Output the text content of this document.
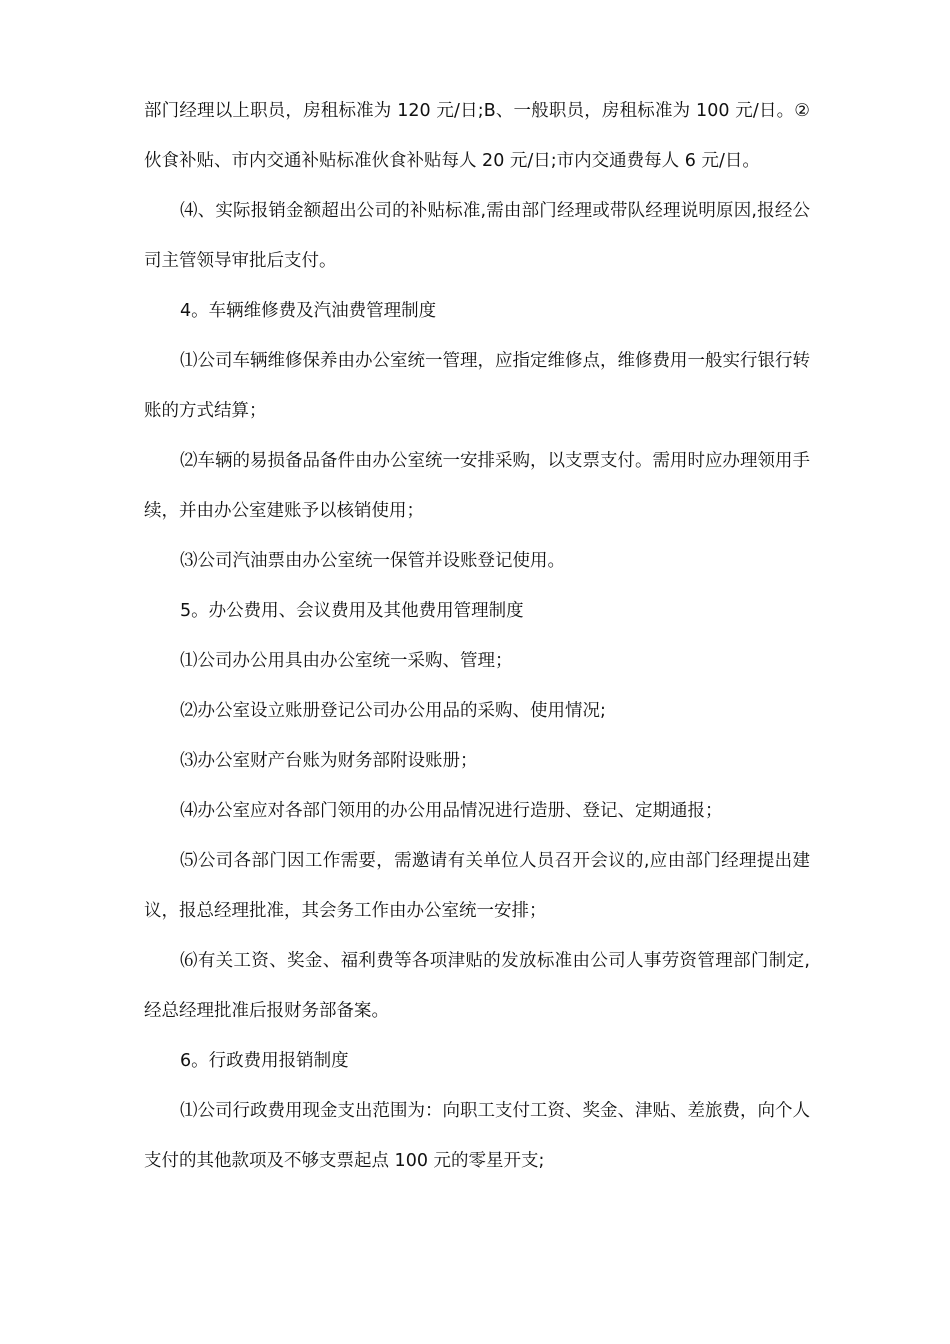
部门经理以上职员，房租标准为 120 元/日;B、一般职员，房租标准为 100 元/日。②伙食补贴、市内交通补贴标准伙食补贴每人 20 元/日;市内交通费每人 6 元/日。

⑷、实际报销金额超出公司的补贴标准,需由部门经理或带队经理说明原因,报经公司主管领导审批后支付。

4。车辆维修费及汽油费管理制度

⑴公司车辆维修保养由办公室统一管理，应指定维修点，维修费用一般实行银行转账的方式结算；

⑵车辆的易损备品备件由办公室统一安排采购，以支票支付。需用时应办理领用手续，并由办公室建账予以核销使用；

⑶公司汽油票由办公室统一保管并设账登记使用。

5。办公费用、会议费用及其他费用管理制度

⑴公司办公用具由办公室统一采购、管理；

⑵办公室设立账册登记公司办公用品的采购、使用情况;

⑶办公室财产台账为财务部附设账册；

⑷办公室应对各部门领用的办公用品情况进行造册、登记、定期通报；

⑸公司各部门因工作需要，需邀请有关单位人员召开会议的,应由部门经理提出建议，报总经理批准，其会务工作由办公室统一安排；

⑹有关工资、奖金、福利费等各项津贴的发放标准由公司人事劳资管理部门制定,经总经理批准后报财务部备案。

6。行政费用报销制度

⑴公司行政费用现金支出范围为：向职工支付工资、奖金、津贴、差旅费，向个人支付的其他款项及不够支票起点 100 元的零星开支;
